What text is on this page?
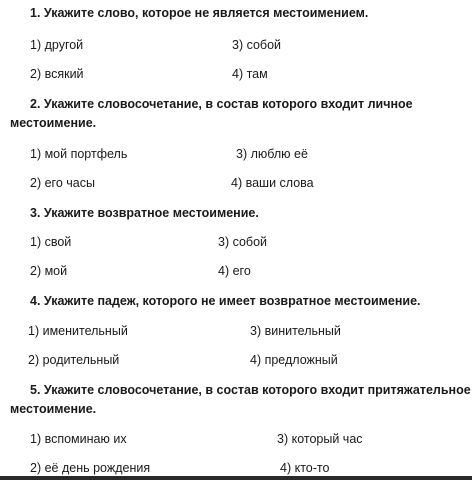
1. Укажите слово, которое не является местоимением.
1) другой	3) собой
2) всякий	4) там
2. Укажите словосочетание, в состав которого входит личное
местоимение.
1) мой портфель	3) люблю её
2) его часы	4) ваши слова
3. Укажите возвратное местоимение.
1) свой	3) собой
2) мой	4) его
4. Укажите падеж, которого не имеет возвратное местоимение.
1) именительный	3) винительный
2) родительный	4) предложный
5. Укажите словосочетание, в состав которого входит притяжательное
местоимение.
1) вспоминаю их	3) который час
2) её день рождения	4) кто-то
